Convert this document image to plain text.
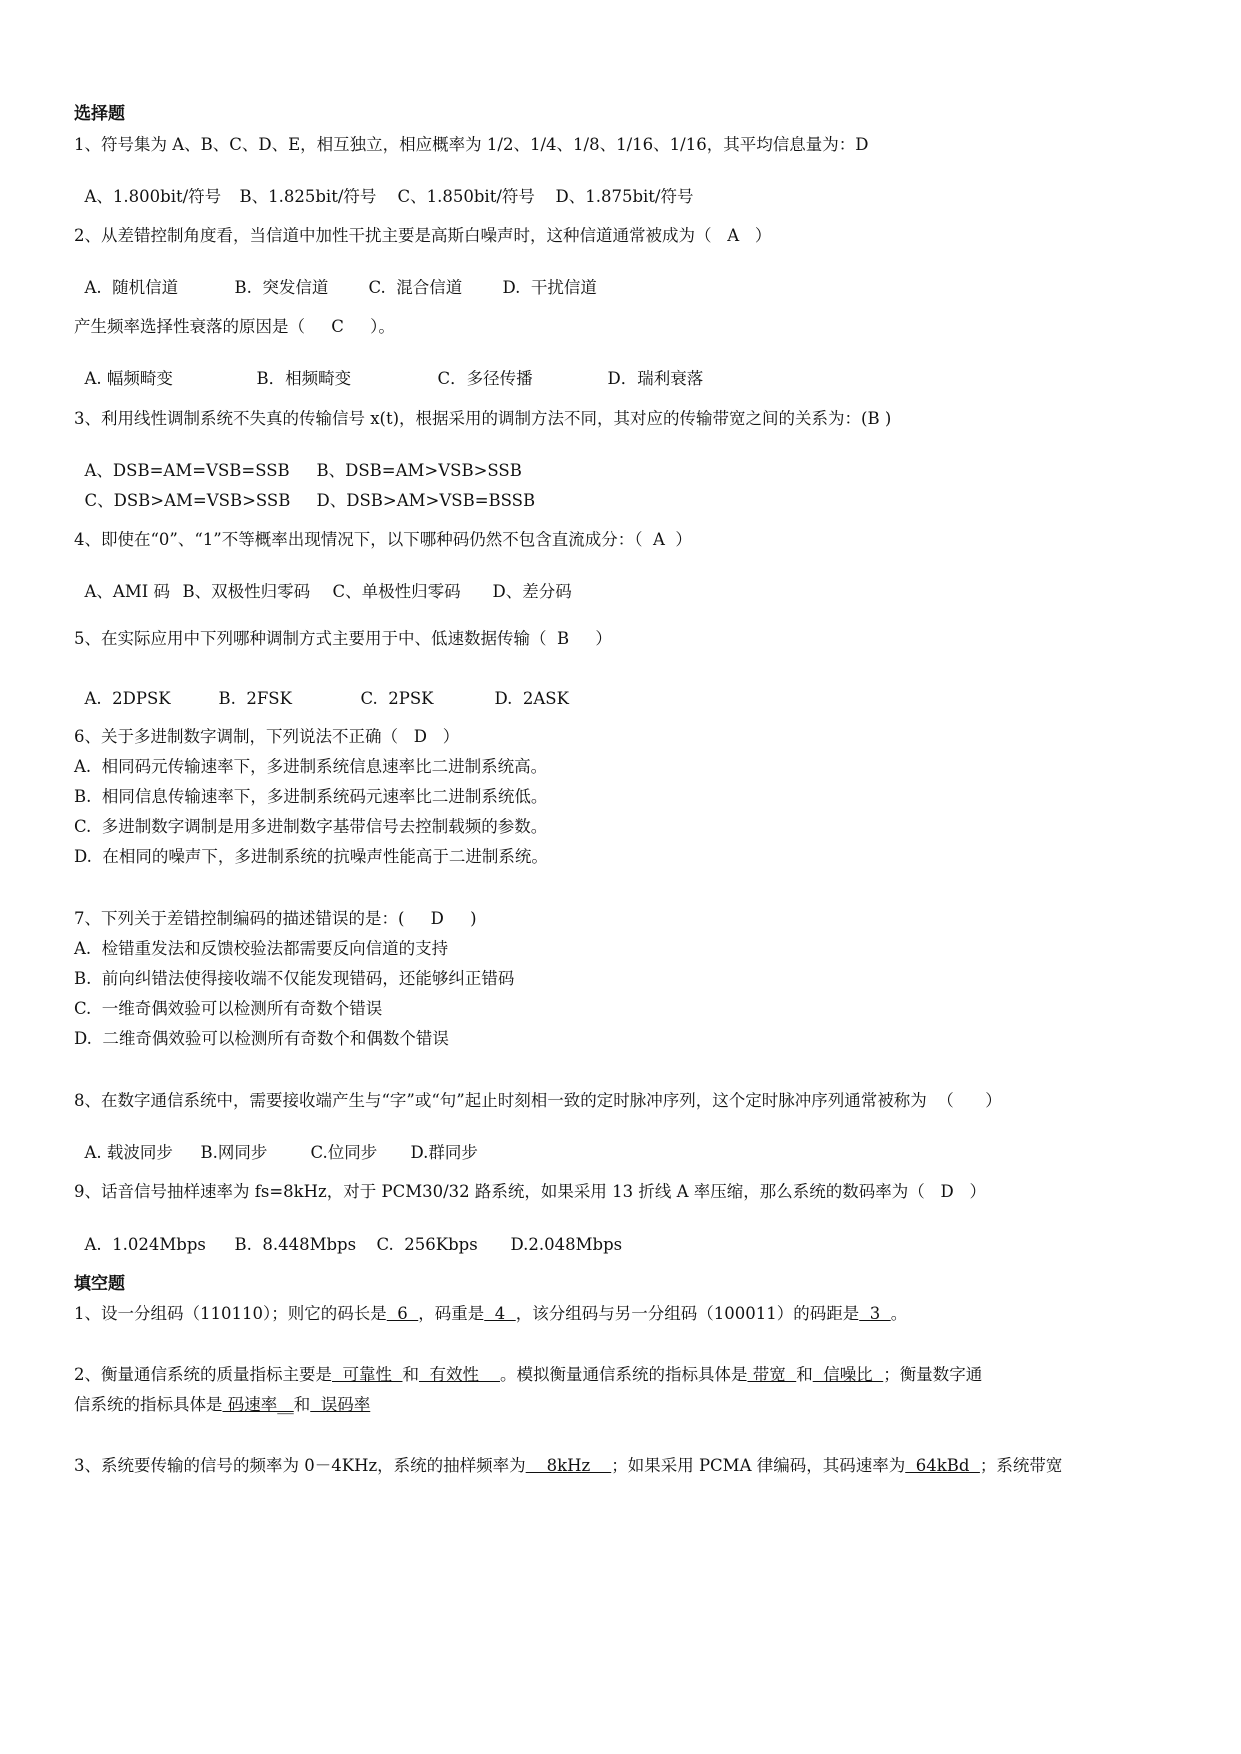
选择题
1、符号集为 A、B、C、D、E，相互独立，相应概率为 1/2、1/4、1/8、1/16、1/16，其平均信息量为：D

A、1.800bit/符号 B、1.825bit/符号 C、1.850bit/符号 D、1.875bit/符号

2、从差错控制角度看，当信道中加性干扰主要是高斯白噪声时，这种信道通常被成为（   A   ）

A.  随机信道	B.  突发信道 C.  混合信道 D.  干扰信道

产生频率选择性衰落的原因是（     C     ）。

A. 幅频畸变	B．相频畸变	C．多径传播	D．瑞利衰落

3、利用线性调制系统不失真的传输信号 x(t)，根据采用的调制方法不同，其对应的传输带宽之间的关系为：(B )

A、DSB=AM=VSB=SSB B、DSB=AM>VSB>SSB

C、DSB>AM=VSB>SSB D、DSB>AM>VSB=BSSB

4、即使在“0”、“1”不等概率出现情况下，以下哪种码仍然不包含直流成分：（  A  ）

A、AMI 码 B、双极性归零码 C、单极性归零码 D、差分码

5、在实际应用中下列哪种调制方式主要用于中、低速数据传输（  B     ）

A.  2DPSK	B.  2FSK	C.  2PSK	D.  2ASK

6、关于多进制数字调制，下列说法不正确（   D   ）
A.  相同码元传输速率下，多进制系统信息速率比二进制系统高。
B.  相同信息传输速率下，多进制系统码元速率比二进制系统低。
C.  多进制数字调制是用多进制数字基带信号去控制载频的参数。
D.  在相同的噪声下，多进制系统的抗噪声性能高于二进制系统。
7、下列关于差错控制编码的描述错误的是：(     D     )
A.  检错重发法和反馈校验法都需要反向信道的支持
B.  前向纠错法使得接收端不仅能发现错码，还能够纠正错码
C.  一维奇偶效验可以检测所有奇数个错误
D.  二维奇偶效验可以检测所有奇数个和偶数个错误
8、在数字通信系统中，需要接收端产生与“字”或“句”起止时刻相一致的定时脉冲序列，这个定时脉冲序列通常被称为  （      ）

A. 载波同步 B.网同步	C.位同步 D.群同步

9、话音信号抽样速率为 fs=8kHz，对于 PCM30/32 路系统，如果采用 13 折线 A 率压缩，那么系统的数码率为（   D   ）

A.  1.024Mbps B.  8.448Mbps C.  256Kbps D.2.048Mbps

填空题
1、设一分组码（110110）；则它的码长是  6  ，码重是  4  ，该分组码与另一分组码（100011）的码距是  3  。
2、衡量通信系统的质量指标主要是  可靠性  和  有效性    。模拟衡量通信系统的指标具体是 带宽  和  信噪比  ；衡量数字通
信系统的指标具体是 码速率__和  误码率
3、系统要传输的信号的频率为 0－4KHz，系统的抽样频率为    8kHz    ；如果采用 PCMA 律编码，其码速率为  64kBd  ；系统带宽
